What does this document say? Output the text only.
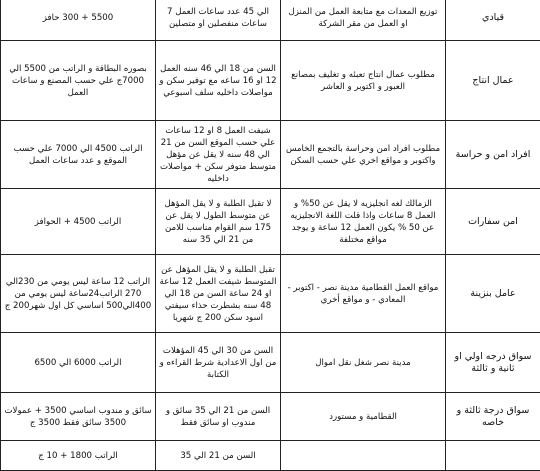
قيادي	توزيع المعدات مع متابعة العمل من المنزل او العمل من مقر الشركة	الي 45 عدد ساعات العمل 7 ساعات منفصلين او متصلين	5500 + 300 حافز
عمال انتاج	مطلوب عمال انتاج تعبئه و تغليف بمصانع العبور و اكتوبر و العاشر	السن من 18 الي 46 سنه العمل 12 او 16 ساعه مع توفير سكن و مواصلات داخليه سلف اسبوعي	بصوره البطاقة و الراتب من 5500 الي 7000ج علي حسب المصنع و ساعات العمل
افراد امن و حراسة	مطلوب افراد امن وحراسة بالتجمع الخامس واكتوبر و مواقع اخري علي حسب السكن	شيفت العمل 8 او 12 ساعات علي حسب الموقع السن من 21 الي 48 سنه لا يقل عن مؤهل متوسط متوفر سكن + مواصلات داخليه	الراتب 4500 الي 7000 علي حسب الموقع و عدد ساعات العمل
امن سفارات	الزمالك لغه انجليزيه لا يقل عن 50% و العمل 8 ساعات واذا قلت اللغة الانجليزيه عن 50 % يكون العمل 12 ساعة و يوجد مواقع مختلفة	لا تقبل الطلبة و لا يقل المؤهل عن متوسط الطول لا يقل عن 175 سم القوام مناسب للامن من 21 الي 35 سنه	الراتب 4500 + الحوافز
عامل بنزينة	مواقع العمل القطامية مدينة نصر - اكتوبر - المعادي - و مواقع أخري	تقبل الطلبة و لا يقل المؤهل عن المتوسط شيفت العمل 12 ساعة او 24 ساعة السن من 18 الي 48 سنه بشطرت حذاء سيفتي اسود سكن 200 ج شهريا	الراتب 12 ساعة ليس يومي من 230الي 270 الراتب24ساعة ليس يومي من 400الي500 اساسي كل اول شهر200 ج
سواق درجه اولي او ثانية و ثالثة	مدينة نصر شغل نقل اموال	السن من 30 الي 45 المؤهلات من اول الاعدادية شرط القراءه و الكتابة	الراتب 6000 الي 6500
سواق درجة ثالثة و خاصه	القطامية و مستورد	السن من 21 الي 35 سائق و مندوب او سائق فقط	سائق و مندوب اساسي 3500 + عمولات 3500 سائق فقط 3500 ج
		السن من 21 الي 35	الراتب 1800 + 10 ج
